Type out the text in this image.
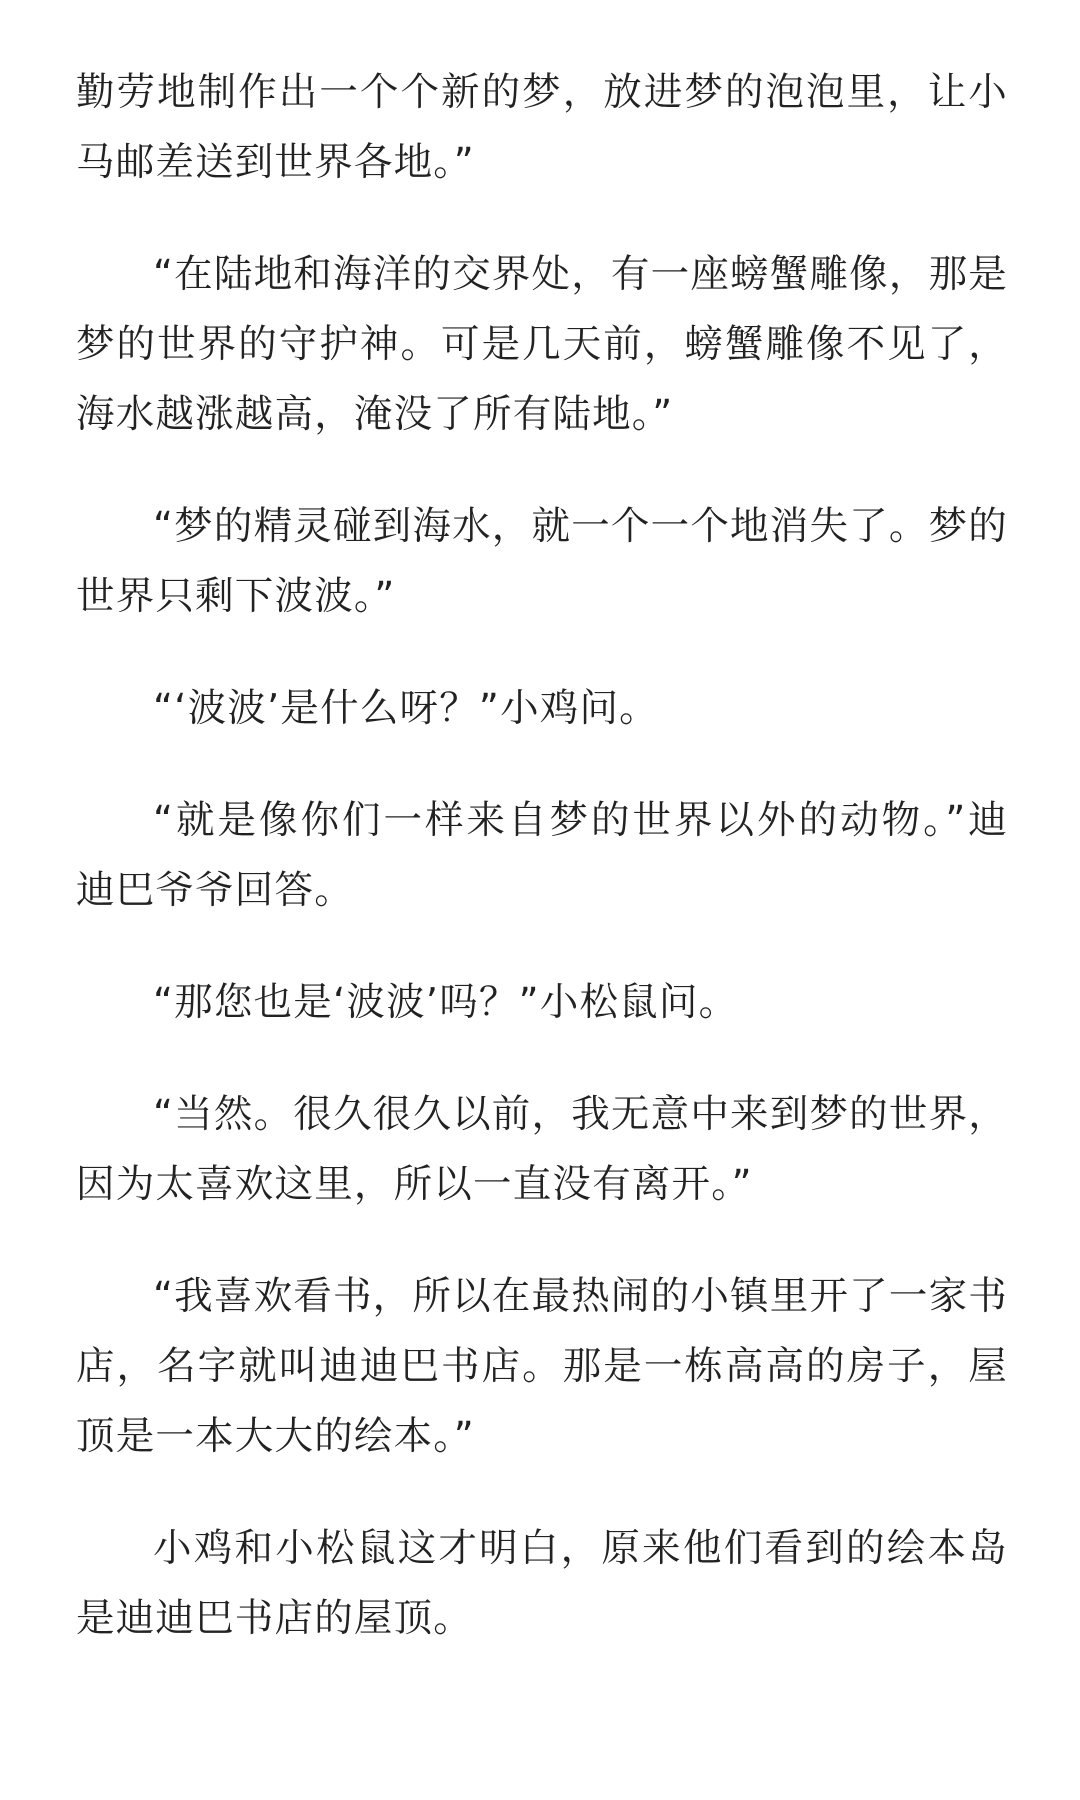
勤劳地制作出一个个新的梦，放进梦的泡泡里，让小马邮差送到世界各地。”

“在陆地和海洋的交界处，有一座螃蟹雕像，那是梦的世界的守护神。可是几天前，螃蟹雕像不见了，海水越涨越高，淹没了所有陆地。”

“梦的精灵碰到海水，就一个一个地消失了。梦的世界只剩下波波。”

“‘波波’是什么呀？”小鸡问。

“就是像你们一样来自梦的世界以外的动物。”迪迪巴爷爷回答。

“那您也是‘波波’吗？”小松鼠问。

“当然。很久很久以前，我无意中来到梦的世界，因为太喜欢这里，所以一直没有离开。”

“我喜欢看书，所以在最热闹的小镇里开了一家书店，名字就叫迪迪巴书店。那是一栋高高的房子，屋顶是一本大大的绘本。”

小鸡和小松鼠这才明白，原来他们看到的绘本岛是迪迪巴书店的屋顶。
